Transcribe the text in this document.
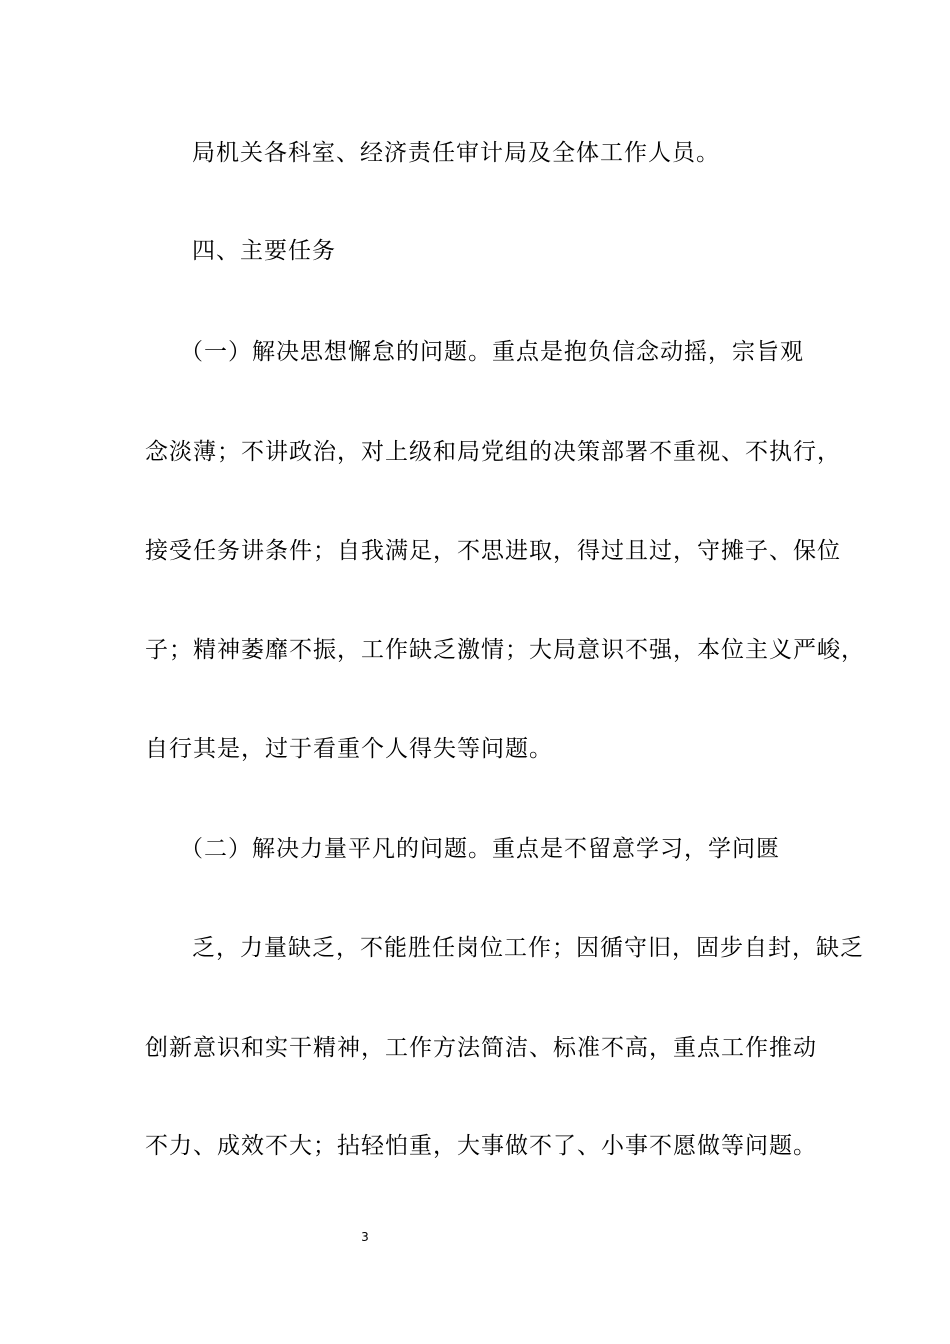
局机关各科室、经济责任审计局及全体工作人员。
四、主要任务
（一）解决思想懈怠的问题。重点是抱负信念动摇，宗旨观
念淡薄；不讲政治，对上级和局党组的决策部署不重视、不执行，
接受任务讲条件；自我满足，不思进取，得过且过，守摊子、保位
子；精神萎靡不振，工作缺乏激情；大局意识不强，本位主义严峻，
自行其是，过于看重个人得失等问题。
（二）解决力量平凡的问题。重点是不留意学习，学问匮
乏，力量缺乏，不能胜任岗位工作；因循守旧，固步自封，缺乏
创新意识和实干精神，工作方法简洁、标准不高，重点工作推动
不力、成效不大；拈轻怕重，大事做不了、小事不愿做等问题。
3
